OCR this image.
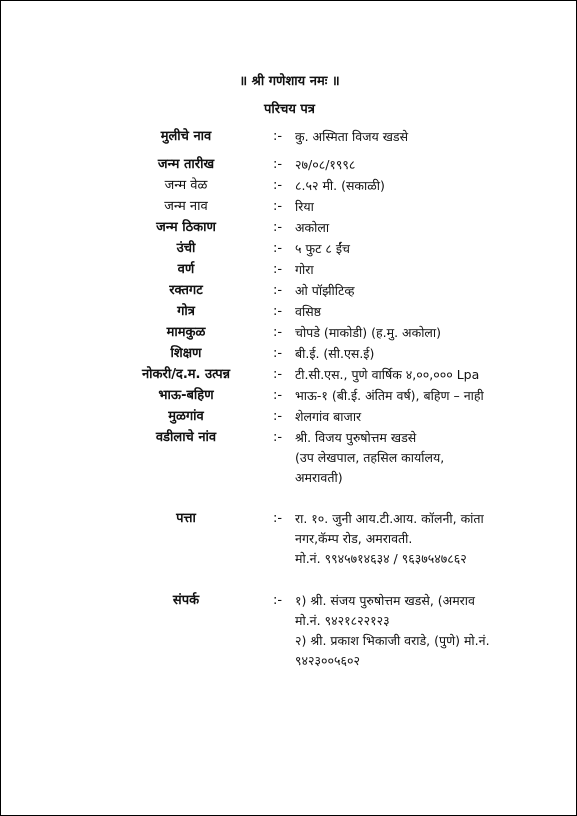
॥ श्री गणेशाय नमः ॥
परिचय पत्र
मुलीचे नाव	:- कु. अस्मिता विजय खडसे
जन्म तारीख	:- २७/०८/१९९८
जन्म वेळ	:- ८.५२ मी. (सकाळी)
जन्म नाव	:- रिया
जन्म ठिकाण	:- अकोला
उंची	:- ५ फुट ८ ईंच
वर्ण	:- गोरा
रक्तगट	:- ओ पॉझीटिव्ह
गोत्र	:- वसिष्ठ
मामकुळ	:- चोपडे (माकोडी) (ह.मु. अकोला)
शिक्षण	:- बी.ई. (सी.एस.ई)
नोकरी/द.म. उत्पन्न	:- टी.सी.एस., पुणे वार्षिक ४,००,००० Lpa
भाऊ-बहिण	:- भाऊ-१ (बी.ई. अंतिम वर्ष), बहिण – नाही
मुळगांव	:- शेलगांव बाजार
वडीलाचे नांव	:- श्री. विजय पुरुषोत्तम खडसे
(उप लेखपाल, तहसिल कार्यालय,
अमरावती)
पत्ता	:- रा. १०. जुनी आय.टी.आय. कॉलनी, कांता
नगर,कॅम्प रोड, अमरावती.
मो.नं. ९९४५७१४६३४ / ९६३७५४७८६२
संपर्क	:- १) श्री. संजय पुरुषोत्तम खडसे, (अमराव
मो.नं. ९४२१८२२१२३
२) श्री. प्रकाश भिकाजी वराडे, (पुणे) मो.नं.
९४२३००५६०२
